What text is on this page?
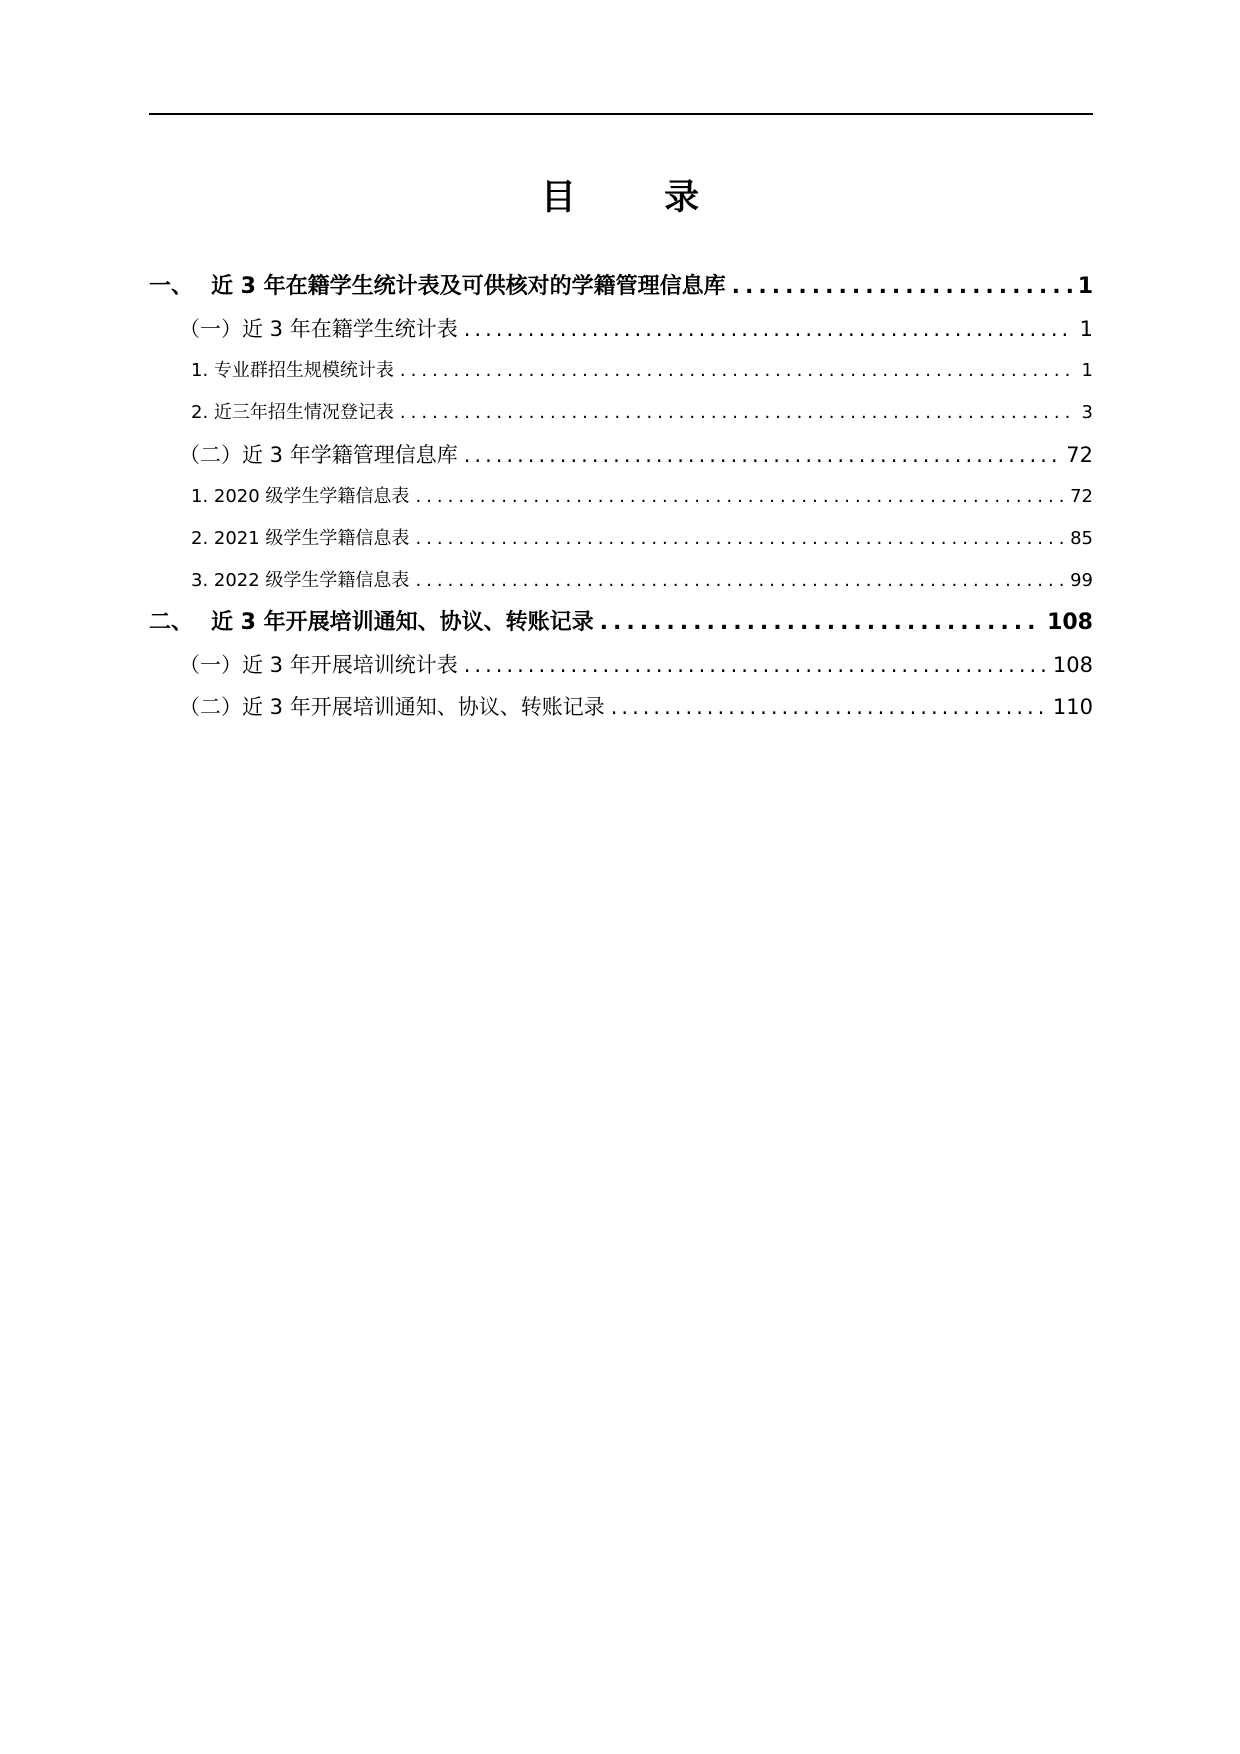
目 录
一、 近 3 年在籍学生统计表及可供核对的学籍管理信息库 .....	1
（一）近 3 年在籍学生统计表 .....	1
1. 专业群招生规模统计表 .....	1
2. 近三年招生情况登记表 .....	3
（二）近 3 年学籍管理信息库 .....	72
1. 2020 级学生学籍信息表 .....	72
2. 2021 级学生学籍信息表 .....	85
3. 2022 级学生学籍信息表 .....	99
二、 近 3 年开展培训通知、协议、转账记录 .....	108
（一）近 3 年开展培训统计表 .....	108
（二）近 3 年开展培训通知、协议、转账记录 .....	110
